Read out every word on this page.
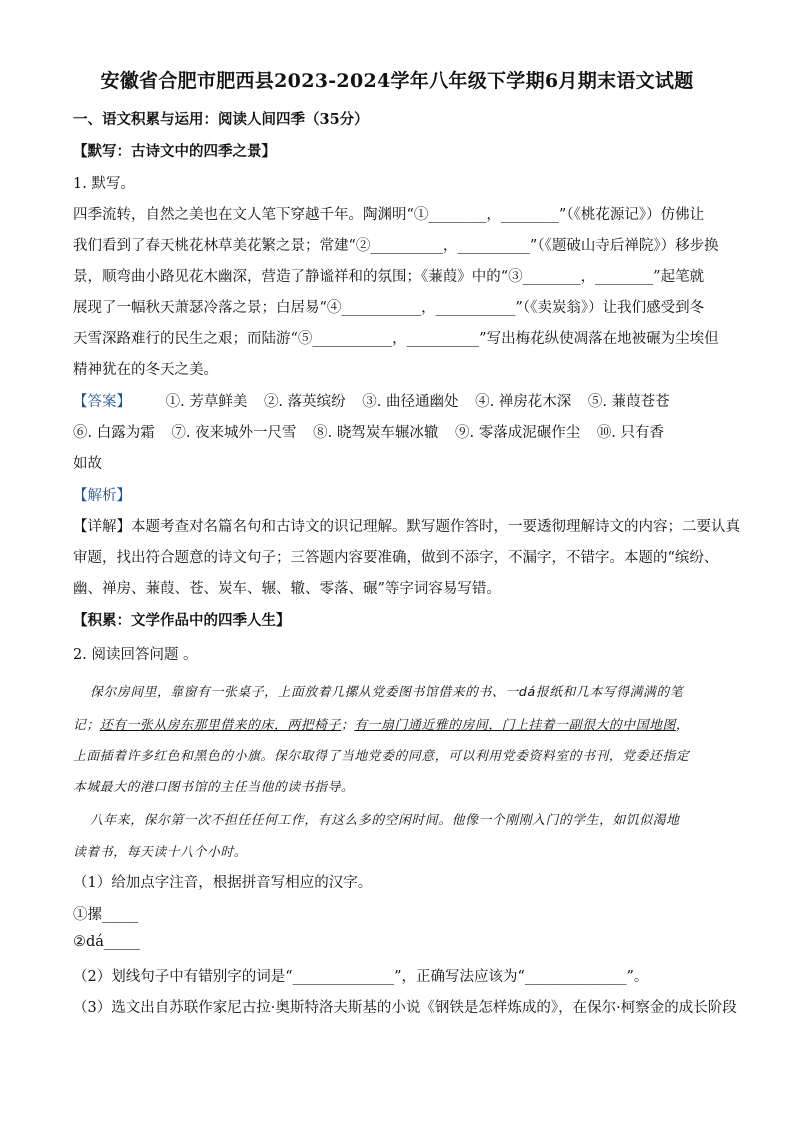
安徽省合肥市肥西县2023-2024学年八年级下学期6月期末语文试题
一、语文积累与运用：阅读人间四季（35分）
【默写：古诗文中的四季之景】
1. 默写。
四季流转，自然之美也在文人笔下穿越千年。陶渊明“①________，________”（《桃花源记》）仿佛让
我们看到了春天桃花林草美花繁之景；常建“②__________，__________”（《题破山寺后禅院》）移步换
景，顺弯曲小路见花木幽深，营造了静谧祥和的氛围；《蒹葭》中的“③________，________”起笔就
展现了一幅秋天萧瑟冷落之景；白居易“④___________，___________”（《卖炭翁》）让我们感受到冬
天雪深路难行的民生之艰；而陆游“⑤___________，__________”写出梅花纵使凋落在地被碾为尘埃但
精神犹在的冬天之美。
【答案】 ①. 芳草鲜美 ②. 落英缤纷 ③. 曲径通幽处 ④. 禅房花木深 ⑤. 蒹葭苍苍
⑥. 白露为霜 ⑦. 夜来城外一尺雪 ⑧. 晓驾炭车辗冰辙 ⑨. 零落成泥碾作尘 ⑩. 只有香
如故
【解析】
【详解】本题考查对名篇名句和古诗文的识记理解。默写题作答时，一要透彻理解诗文的内容；二要认真
审题，找出符合题意的诗文句子；三答题内容要准确，做到不添字，不漏字，不错字。本题的“缤纷、
幽、禅房、蒹葭、苍、炭车、辗、辙、零落、碾”等字词容易写错。
【积累：文学作品中的四季人生】
2. 阅读回答问题 。
保尔房间里，靠窗有一张桌子，上面放着几摞从党委图书馆借来的书、一dá报纸和几本写得满满的笔
记；还有一张从房东那里借来的床，两把椅子；有一扇门通近雅的房间，门上挂着一副很大的中国地图，
上面插着许多红色和黑色的小旗。保尔取得了当地党委的同意，可以利用党委资料室的书刊，党委还指定
本城最大的港口图书馆的主任当他的读书指导。
八年来，保尔第一次不担任任何工作，有这么多的空闲时间。他像一个刚刚入门的学生，如饥似渴地
读着书，每天读十八个小时。
（1）给加点字注音，根据拼音写相应的汉字。
①摞_____
②dá_____
（2）划线句子中有错别字的词是“______________”，正确写法应该为“______________”。
（3）选文出自苏联作家尼古拉·奥斯特洛夫斯基的小说《钢铁是怎样炼成的》，在保尔·柯察金的成长阶段
